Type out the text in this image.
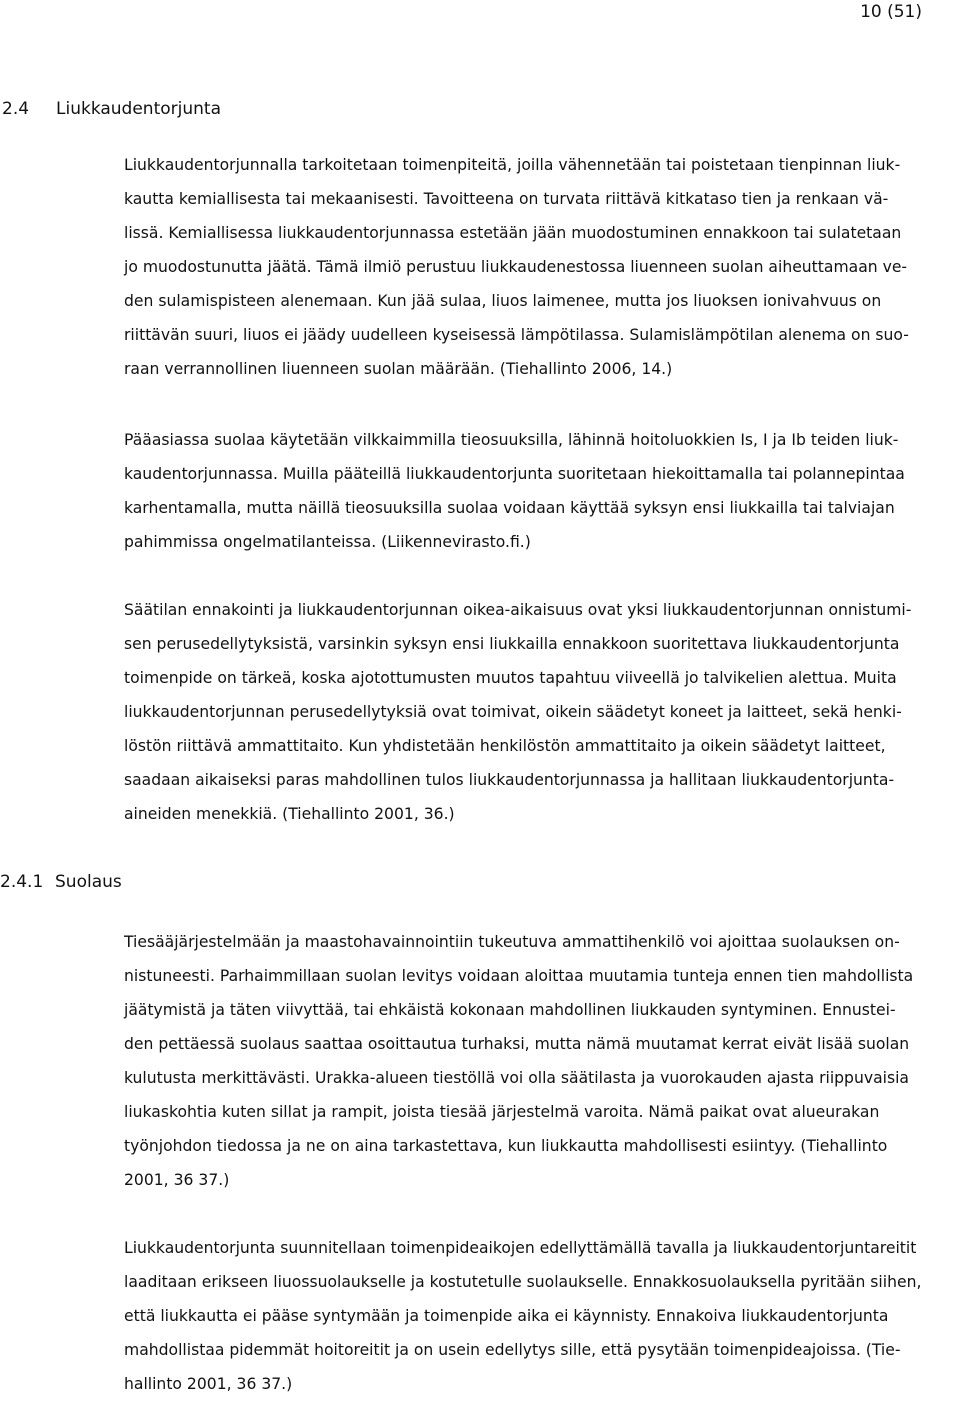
10 (51)
2.4 Liukkaudentorjunta

Liukkaudentorjunnalla tarkoitetaan toimenpiteitä, joilla vähennetään tai poistetaan tienpinnan liuk-
kautta kemiallisesta tai mekaanisesti. Tavoitteena on turvata riittävä kitkataso tien ja renkaan vä-
lissä. Kemiallisessa liukkaudentorjunnassa estetään jään muodostuminen ennakkoon tai sulatetaan
jo muodostunutta jäätä. Tämä ilmiö perustuu liukkaudenestossa liuenneen suolan aiheuttamaan ve-
den sulamispisteen alenemaan. Kun jää sulaa, liuos laimenee, mutta jos liuoksen ionivahvuus on
riittävän suuri, liuos ei jäädy uudelleen kyseisessä lämpötilassa. Sulamislämpötilan alenema on suo-
raan verrannollinen liuenneen suolan määrään. (Tiehallinto 2006, 14.)

Pääasiassa suolaa käytetään vilkkaimmilla tieosuuksilla, lähinnä hoitoluokkien Is, I ja Ib teiden liuk-
kaudentorjunnassa. Muilla pääteillä liukkaudentorjunta suoritetaan hiekoittamalla tai polannepintaa
karhentamalla, mutta näillä tieosuuksilla suolaa voidaan käyttää syksyn ensi liukkailla tai talviajan
pahimmissa ongelmatilanteissa. (Liikennevirasto.fi.)

Säätilan ennakointi ja liukkaudentorjunnan oikea-aikaisuus ovat yksi liukkaudentorjunnan onnistumi-
sen perusedellytyksistä, varsinkin syksyn ensi liukkailla ennakkoon suoritettava liukkaudentorjunta
toimenpide on tärkeä, koska ajotottumusten muutos tapahtuu viiveellä jo talvikelien alettua. Muita
liukkaudentorjunnan perusedellytyksiä ovat toimivat, oikein säädetyt koneet ja laitteet, sekä henki-
löstön riittävä ammattitaito. Kun yhdistetään henkilöstön ammattitaito ja oikein säädetyt laitteet,
saadaan aikaiseksi paras mahdollinen tulos liukkaudentorjunnassa ja hallitaan liukkaudentorjunta-
aineiden menekkiä. (Tiehallinto 2001, 36.)

2.4.1 Suolaus

Tiesääjärjestelmään ja maastohavainnointiin tukeutuva ammattihenkilö voi ajoittaa suolauksen on-
nistuneesti. Parhaimmillaan suolan levitys voidaan aloittaa muutamia tunteja ennen tien mahdollista
jäätymistä ja täten viivyttää, tai ehkäistä kokonaan mahdollinen liukkauden syntyminen. Ennustei-
den pettäessä suolaus saattaa osoittautua turhaksi, mutta nämä muutamat kerrat eivät lisää suolan
kulutusta merkittävästi. Urakka-alueen tiestöllä voi olla säätilasta ja vuorokauden ajasta riippuvaisia
liukaskohtia kuten sillat ja rampit, joista tiesää järjestelmä varoita. Nämä paikat ovat alueurakan
työnjohdon tiedossa ja ne on aina tarkastettava, kun liukkautta mahdollisesti esiintyy. (Tiehallinto
2001, 36 37.)

Liukkaudentorjunta suunnitellaan toimenpideaikojen edellyttämällä tavalla ja liukkaudentorjuntareitit
laaditaan erikseen liuossuolaukselle ja kostutetulle suolaukselle. Ennakkosuolauksella pyritään siihen,
että liukkautta ei pääse syntymään ja toimenpide aika ei käynnisty. Ennakoiva liukkaudentorjunta
mahdollistaa pidemmät hoitoreitit ja on usein edellytys sille, että pysytään toimenpideajoissa. (Tie-
hallinto 2001, 36 37.)
